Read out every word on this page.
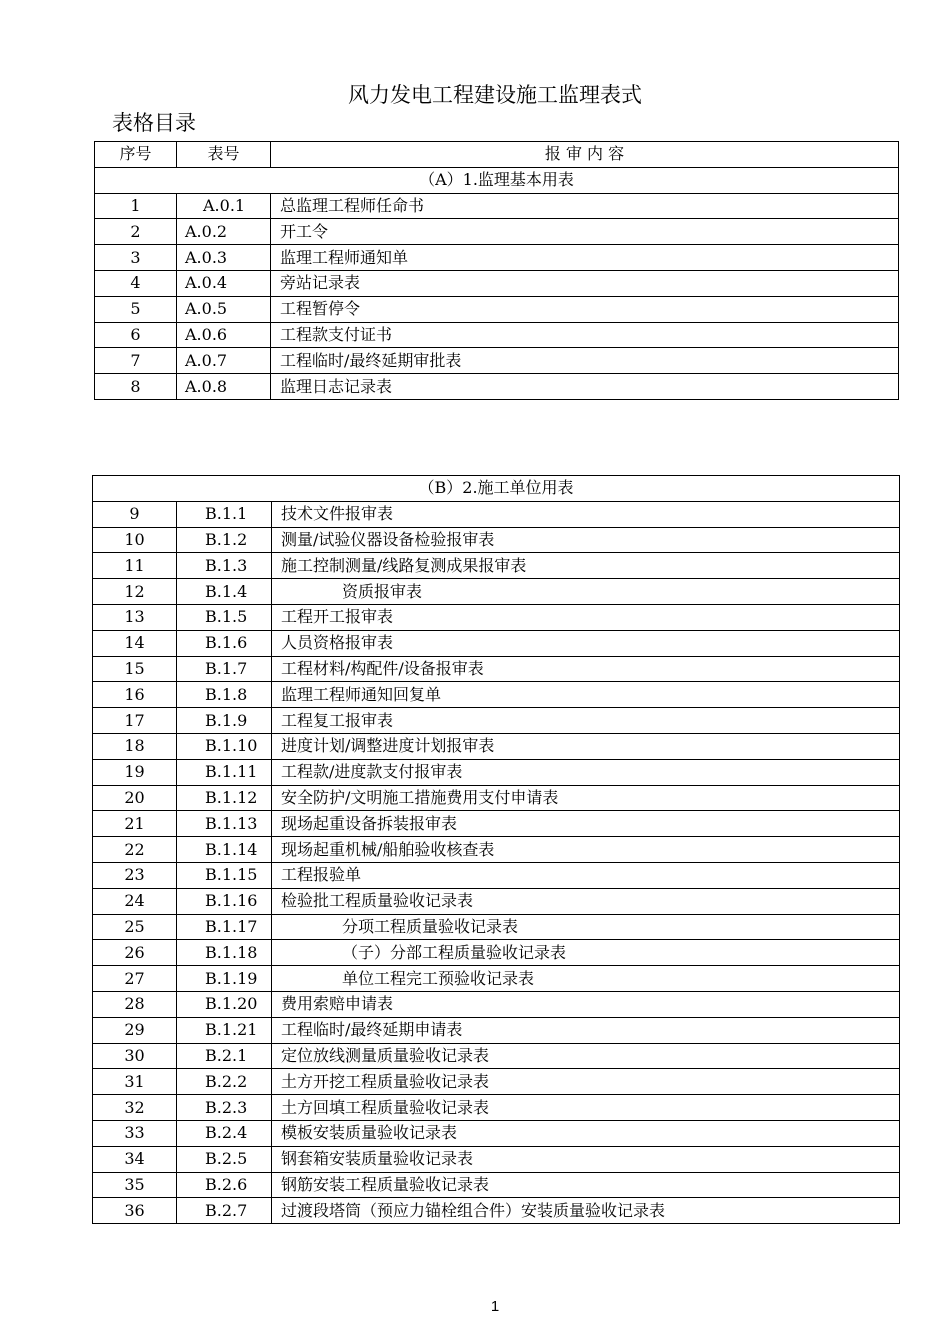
风力发电工程建设施工监理表式
表格目录
序号	表号	报 审 内 容
（A）1.监理基本用表		
1	A.0.1	总监理工程师任命书
2	A.0.2	开工令
3	A.0.3	监理工程师通知单
4	A.0.4	旁站记录表
5	A.0.5	工程暂停令
6	A.0.6	工程款支付证书
7	A.0.7	工程临时/最终延期审批表
8	A.0.8	监理日志记录表
（B）2.施工单位用表		
9	B.1.1	技术文件报审表
10	B.1.2	测量/试验仪器设备检验报审表
11	B.1.3	施工控制测量/线路复测成果报审表
12	B.1.4	资质报审表
13	B.1.5	工程开工报审表
14	B.1.6	人员资格报审表
15	B.1.7	工程材料/构配件/设备报审表
16	B.1.8	监理工程师通知回复单
17	B.1.9	工程复工报审表
18	B.1.10	进度计划/调整进度计划报审表
19	B.1.11	工程款/进度款支付报审表
20	B.1.12	安全防护/文明施工措施费用支付申请表
21	B.1.13	现场起重设备拆装报审表
22	B.1.14	现场起重机械/船舶验收核查表
23	B.1.15	工程报验单
24	B.1.16	检验批工程质量验收记录表
25	B.1.17	分项工程质量验收记录表
26	B.1.18	（子）分部工程质量验收记录表
27	B.1.19	单位工程完工预验收记录表
28	B.1.20	费用索赔申请表
29	B.1.21	工程临时/最终延期申请表
30	B.2.1	定位放线测量质量验收记录表
31	B.2.2	土方开挖工程质量验收记录表
32	B.2.3	土方回填工程质量验收记录表
33	B.2.4	模板安装质量验收记录表
34	B.2.5	钢套箱安装质量验收记录表
35	B.2.6	钢筋安装工程质量验收记录表
36	B.2.7	过渡段塔筒（预应力锚栓组合件）安装质量验收记录表
1
